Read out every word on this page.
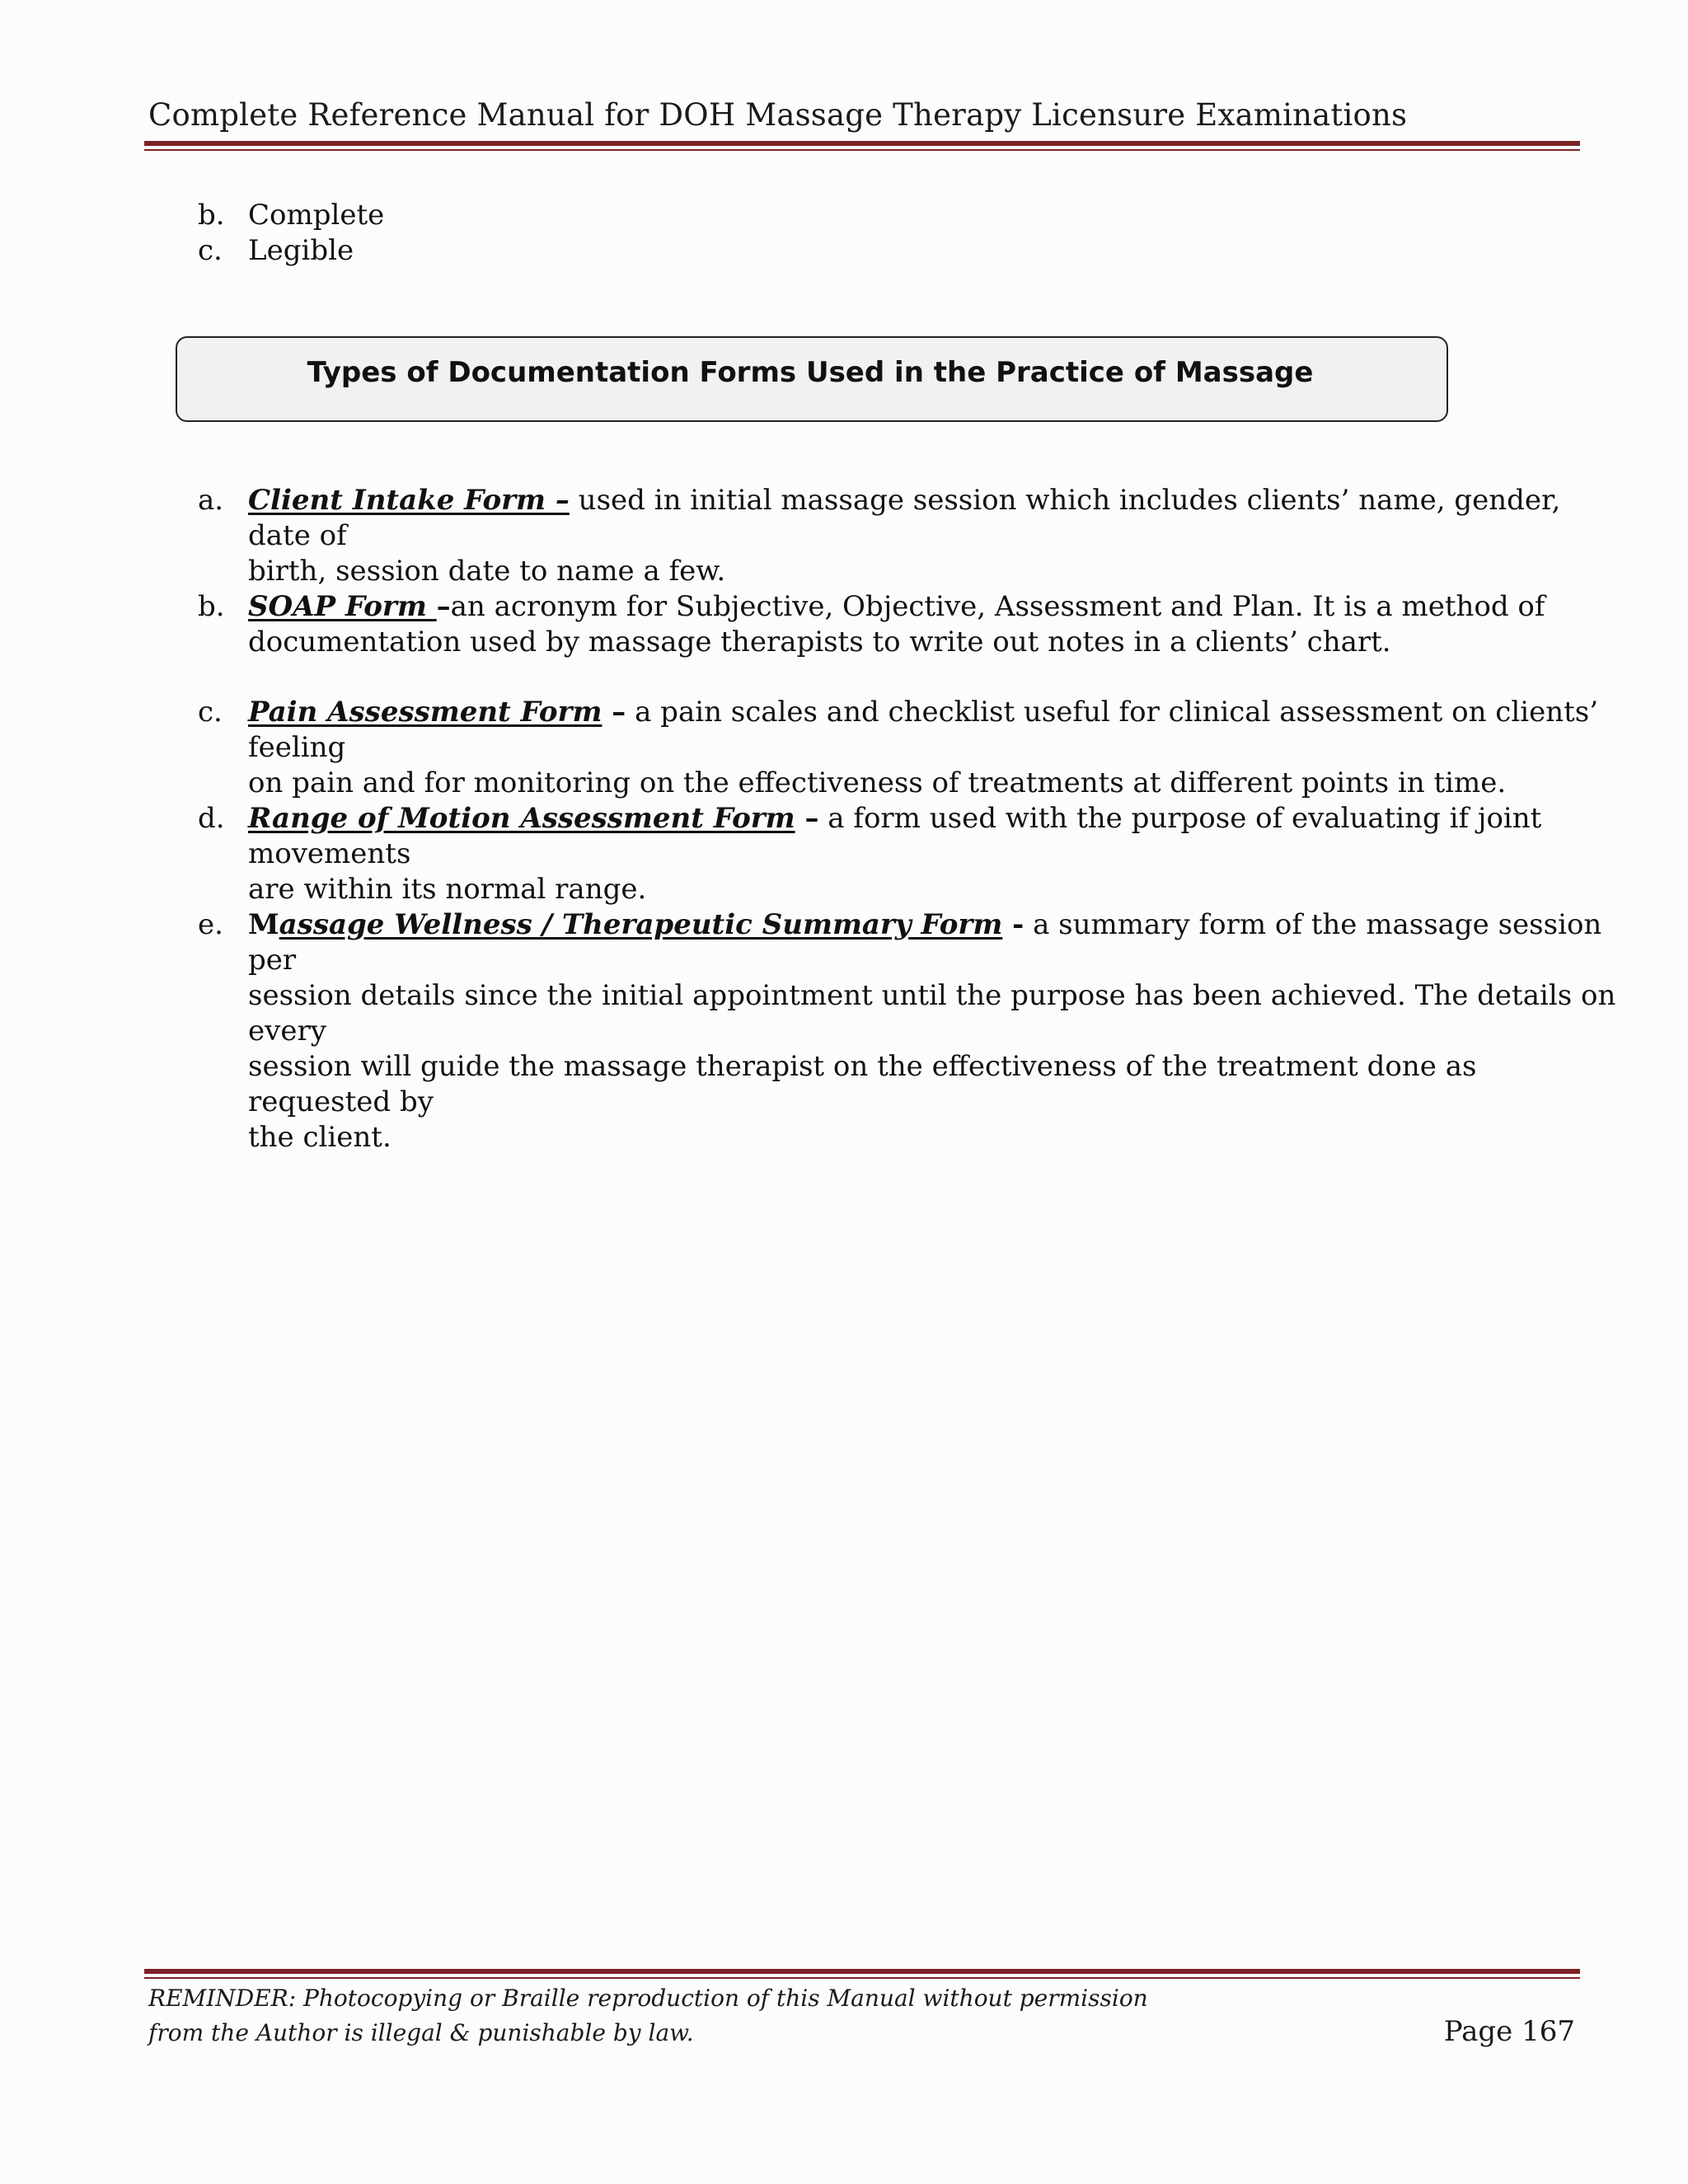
Complete Reference Manual for DOH Massage Therapy Licensure Examinations
b. Complete
c. Legible
Types of Documentation Forms Used in the Practice of Massage
a. Client Intake Form – used in initial massage session which includes clients’ name, gender, date of
birth, session date to name a few.
b. SOAP Form –an acronym for Subjective, Objective, Assessment and Plan. It is a method of
documentation used by massage therapists to write out notes in a clients’ chart.
c. Pain Assessment Form – a pain scales and checklist useful for clinical assessment on clients’ feeling
on pain and for monitoring on the effectiveness of treatments at different points in time.
d. Range of Motion Assessment Form – a form used with the purpose of evaluating if joint movements
are within its normal range.
e. Massage Wellness / Therapeutic Summary Form - a summary form of the massage session per
session details since the initial appointment until the purpose has been achieved. The details on every
session will guide the massage therapist on the effectiveness of the treatment done as requested by
the client.
REMINDER: Photocopying or Braille reproduction of this Manual without permission
from the Author is illegal & punishable by law.	Page 167
